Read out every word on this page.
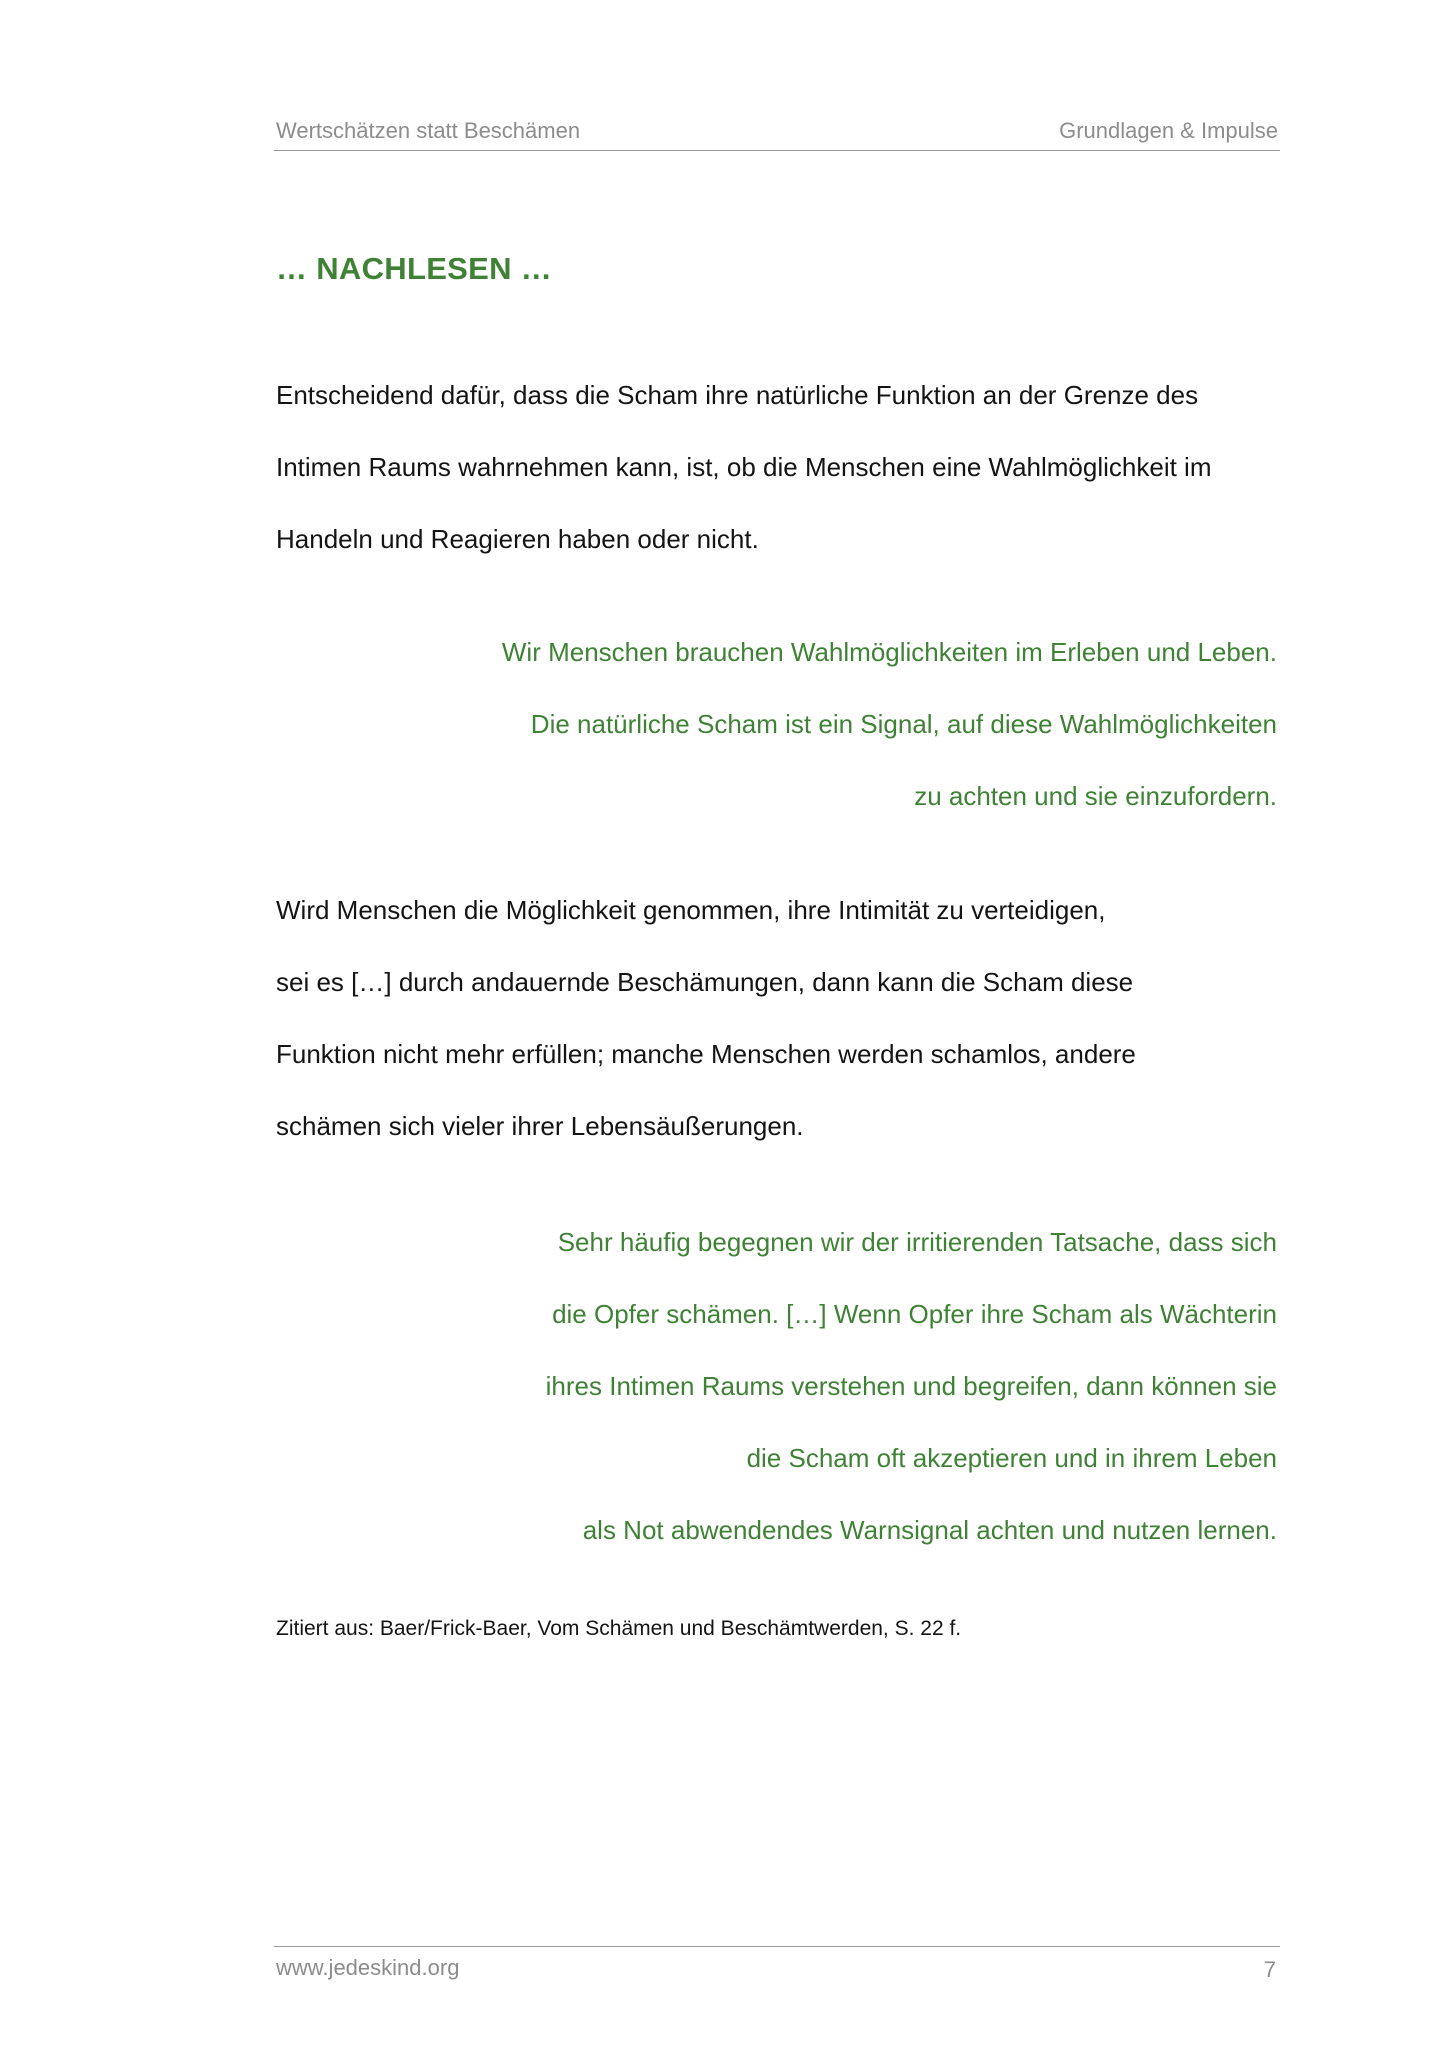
Wertschätzen statt Beschämen	Grundlagen & Impulse
… NACHLESEN …
Entscheidend dafür, dass die Scham ihre natürliche Funktion an der Grenze des
Intimen Raums wahrnehmen kann, ist, ob die Menschen eine Wahlmöglichkeit im
Handeln und Reagieren haben oder nicht.
Wir Menschen brauchen Wahlmöglichkeiten im Erleben und Leben.
Die natürliche Scham ist ein Signal, auf diese Wahlmöglichkeiten
zu achten und sie einzufordern.
Wird Menschen die Möglichkeit genommen, ihre Intimität zu verteidigen,
sei es […] durch andauernde Beschämungen, dann kann die Scham diese
Funktion nicht mehr erfüllen; manche Menschen werden schamlos, andere
schämen sich vieler ihrer Lebensäußerungen.
Sehr häufig begegnen wir der irritierenden Tatsache, dass sich
die Opfer schämen. […] Wenn Opfer ihre Scham als Wächterin
ihres Intimen Raums verstehen und begreifen, dann können sie
die Scham oft akzeptieren und in ihrem Leben
als Not abwendendes Warnsignal achten und nutzen lernen.
Zitiert aus: Baer/Frick-Baer, Vom Schämen und Beschämtwerden, S. 22 f.
www.jedeskind.org	7
